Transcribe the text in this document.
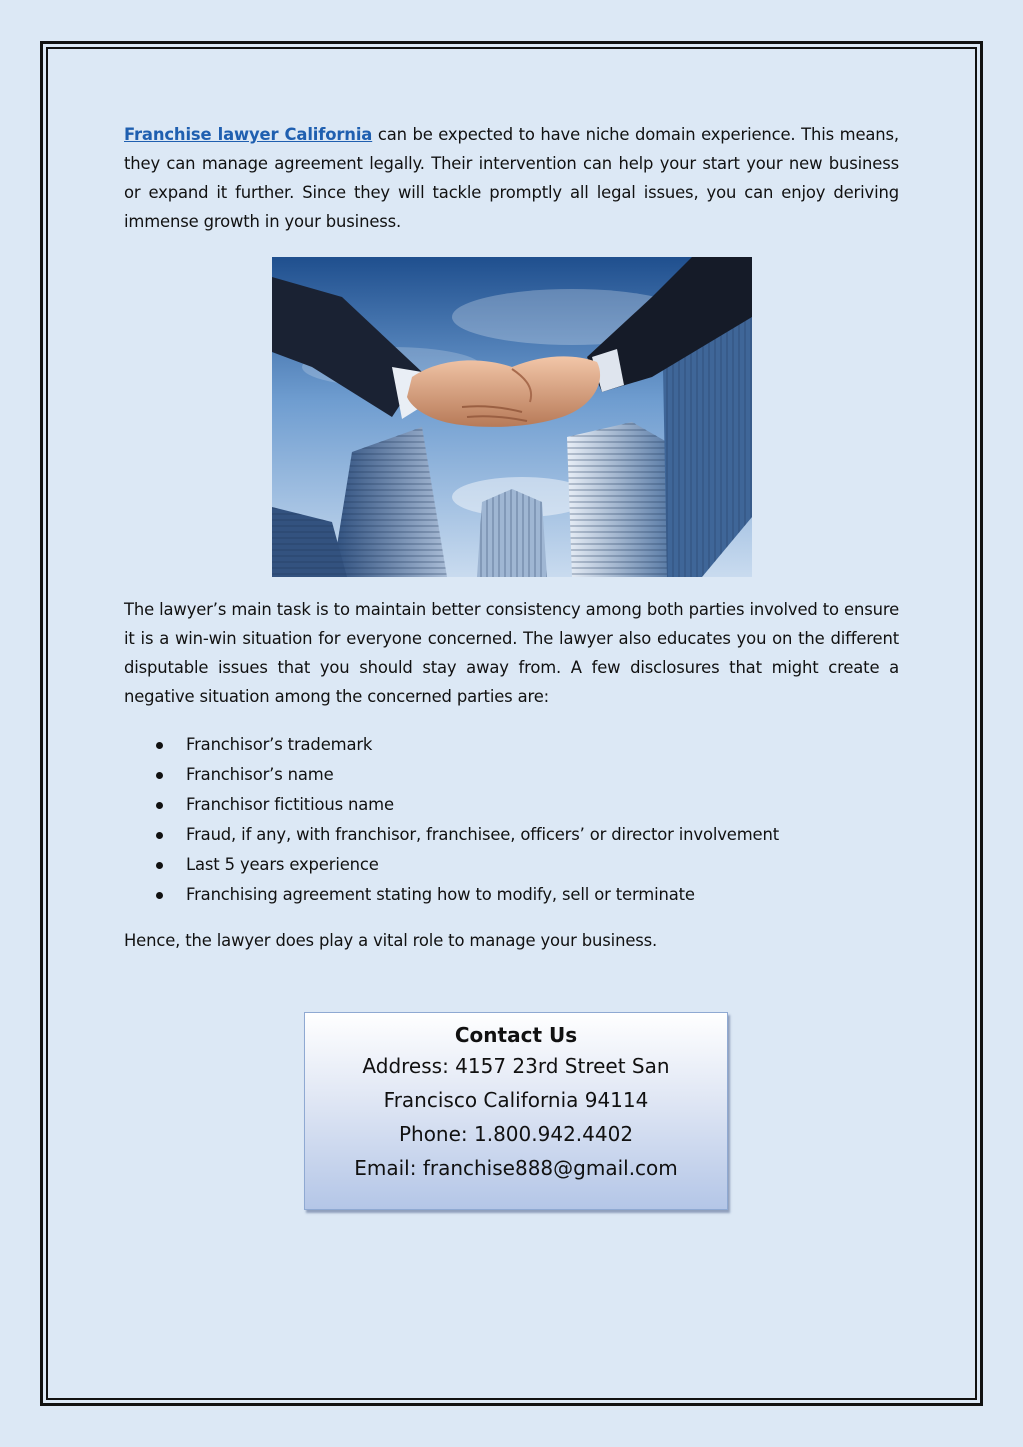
Franchise lawyer California can be expected to have niche domain experience. This means, they can manage agreement legally. Their intervention can help your start your new business or expand it further. Since they will tackle promptly all legal issues, you can enjoy deriving immense growth in your business.

The lawyer’s main task is to maintain better consistency among both parties involved to ensure it is a win-win situation for everyone concerned. The lawyer also educates you on the different disputable issues that you should stay away from. A few disclosures that might create a negative situation among the concerned parties are:

Franchisor’s trademark
Franchisor’s name
Franchisor fictitious name
Fraud, if any, with franchisor, franchisee, officers’ or director involvement
Last 5 years experience
Franchising agreement stating how to modify, sell or terminate

Hence, the lawyer does play a vital role to manage your business.

Contact Us
Address: 4157 23rd Street San
Francisco California 94114
Phone: 1.800.942.4402
Email: franchise888@gmail.com
